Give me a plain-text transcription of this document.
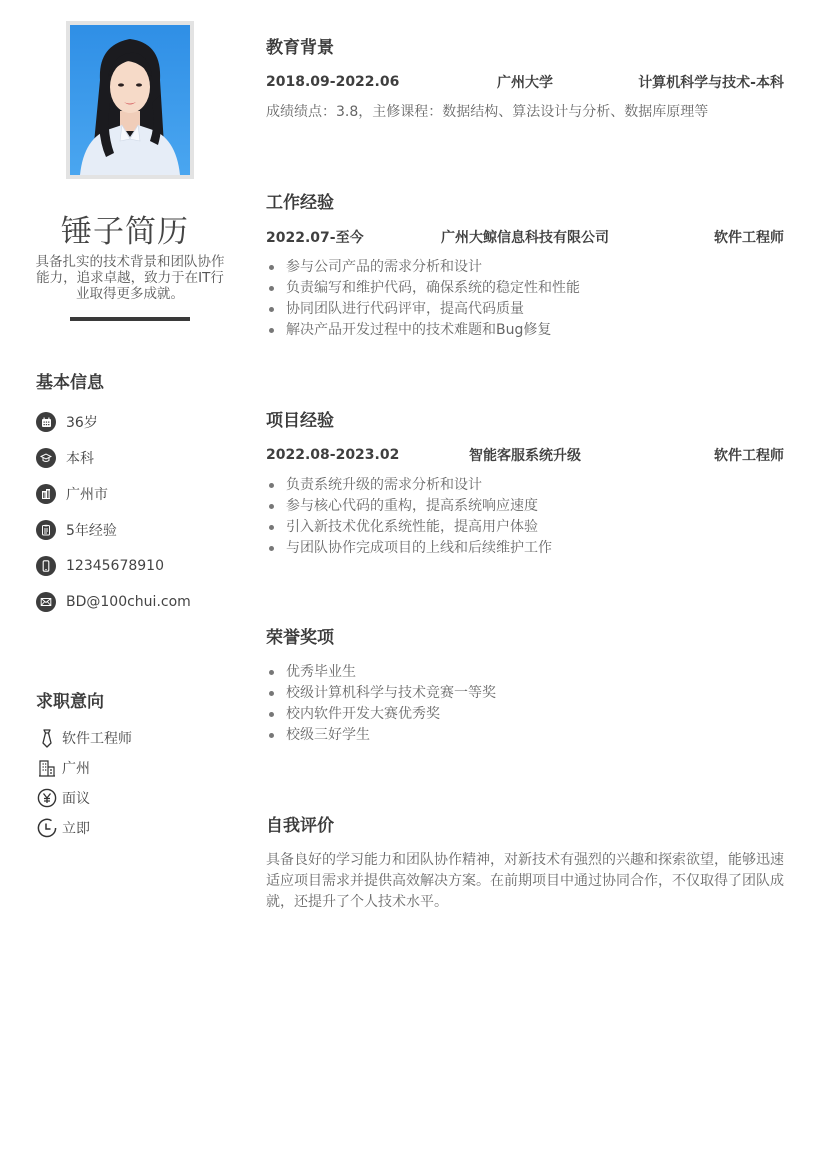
锤子简历
具备扎实的技术背景和团队协作能力，追求卓越，致力于在IT行业取得更多成就。
基本信息
36岁
本科
广州市
5年经验
12345678910
BD@100chui.com
求职意向
软件工程师
广州
面议
立即
教育背景
2018.09-2022.06	广州大学	计算机科学与技术-本科
成绩绩点：3.8，主修课程：数据结构、算法设计与分析、数据库原理等
工作经验
2022.07-至今	广州大鲸信息科技有限公司	软件工程师
参与公司产品的需求分析和设计
负责编写和维护代码，确保系统的稳定性和性能
协同团队进行代码评审，提高代码质量
解决产品开发过程中的技术难题和Bug修复
项目经验
2022.08-2023.02	智能客服系统升级	软件工程师
负责系统升级的需求分析和设计
参与核心代码的重构，提高系统响应速度
引入新技术优化系统性能，提高用户体验
与团队协作完成项目的上线和后续维护工作
荣誉奖项
优秀毕业生
校级计算机科学与技术竞赛一等奖
校内软件开发大赛优秀奖
校级三好学生
自我评价
具备良好的学习能力和团队协作精神，对新技术有强烈的兴趣和探索欲望，能够迅速适应项目需求并提供高效解决方案。在前期项目中通过协同合作，不仅取得了团队成就，还提升了个人技术水平。
